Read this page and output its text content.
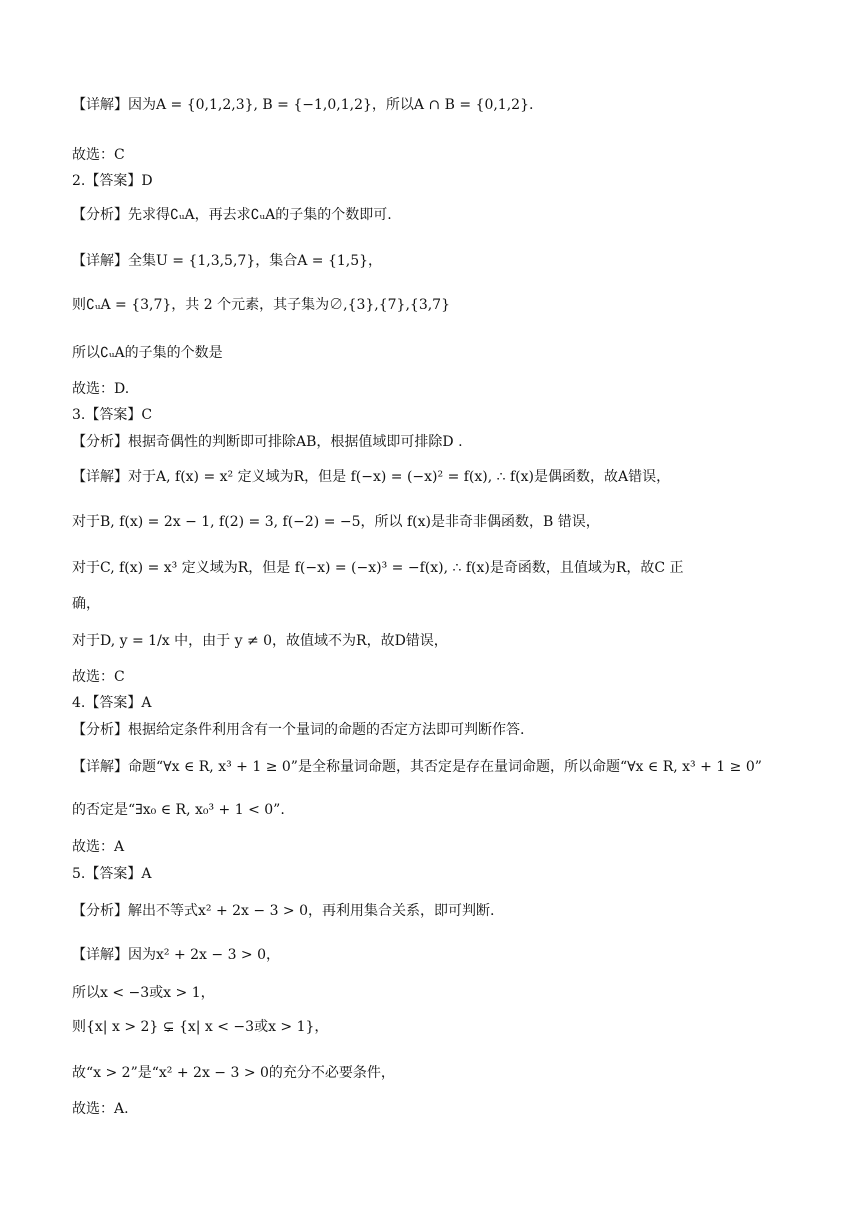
【详解】因为A = {0,1,2,3}, B = {−1,0,1,2}，所以A ∩ B = {0,1,2}.
故选：C
2.【答案】D
【分析】先求得∁ᵤA，再去求∁ᵤA的子集的个数即可.
【详解】全集U = {1,3,5,7}，集合A = {1,5}，
则∁ᵤA = {3,7}，共 2 个元素，其子集为∅,{3},{7},{3,7}
所以∁ᵤA的子集的个数是
故选：D.
3.【答案】C
【分析】根据奇偶性的判断即可排除AB，根据值域即可排除D .
【详解】对于A, f(x) = x² 定义域为R，但是 f(−x) = (−x)² = f(x), ∴ f(x)是偶函数，故A错误，
对于B, f(x) = 2x − 1, f(2) = 3, f(−2) = −5，所以 f(x)是非奇非偶函数，B 错误，
对于C, f(x) = x³ 定义域为R，但是 f(−x) = (−x)³ = −f(x), ∴ f(x)是奇函数，且值域为R，故C 正
确，
对于D, y = 1/x 中，由于 y ≠ 0，故值域不为R，故D错误，
故选：C
4.【答案】A
【分析】根据给定条件利用含有一个量词的命题的否定方法即可判断作答.
【详解】命题“∀x ∈ R, x³ + 1 ≥ 0”是全称量词命题，其否定是存在量词命题，所以命题“∀x ∈ R, x³ + 1 ≥ 0”
的否定是“∃x₀ ∈ R, x₀³ + 1 < 0”.
故选：A
5.【答案】A
【分析】解出不等式x² + 2x − 3 > 0，再利用集合关系，即可判断.
【详解】因为x² + 2x − 3 > 0，
所以x < −3或x > 1，
则{x| x > 2} ⊊ {x| x < −3或x > 1}，
故“x > 2”是“x² + 2x − 3 > 0的充分不必要条件，
故选：A.
